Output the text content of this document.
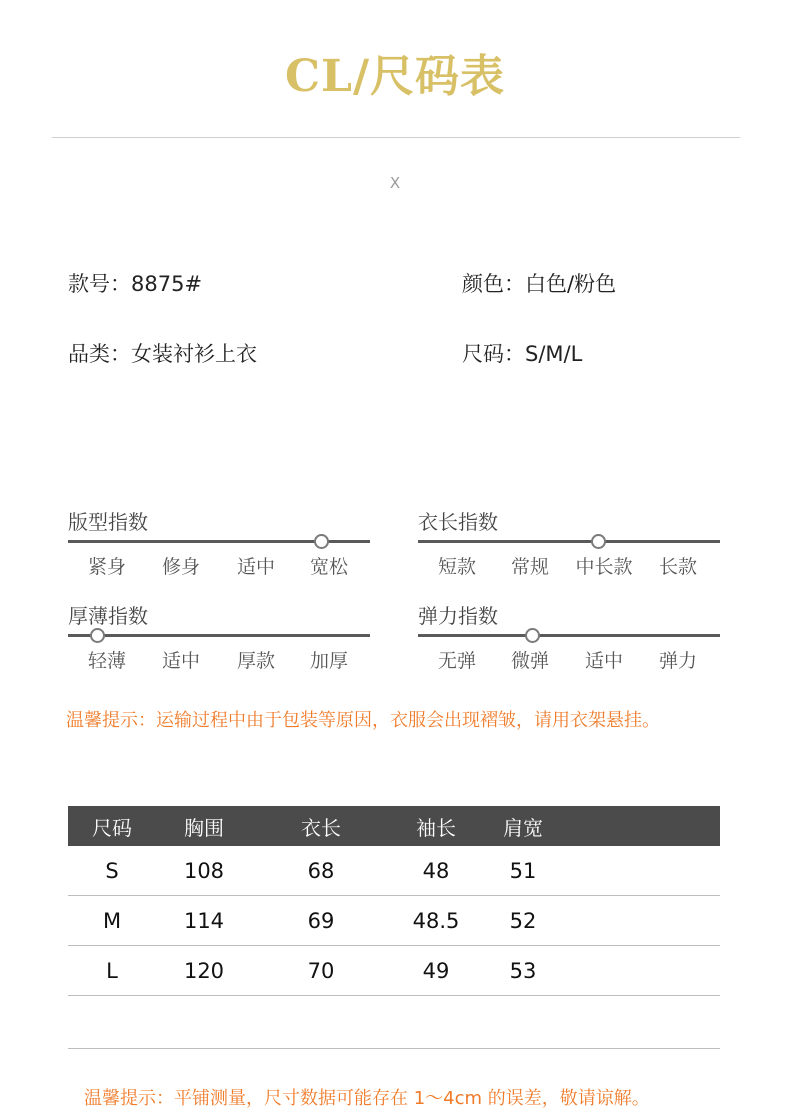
CL/尺码表
X
款号：8875#	颜色：白色/粉色
品类：女装衬衫上衣	尺码：S/M/L
版型指数
紧身	修身	适中	宽松
衣长指数
短款	常规	中长款	长款
厚薄指数
轻薄	适中	厚款	加厚
弹力指数
无弹	微弹	适中	弹力
温馨提示：运输过程中由于包装等原因，衣服会出现褶皱，请用衣架悬挂。
尺码	胸围	衣长	袖长	肩宽
S	108	68	48	51
M	114	69	48.5	52
L	120	70	49	53
温馨提示：平铺测量，尺寸数据可能存在 1～4cm 的误差，敬请谅解。
